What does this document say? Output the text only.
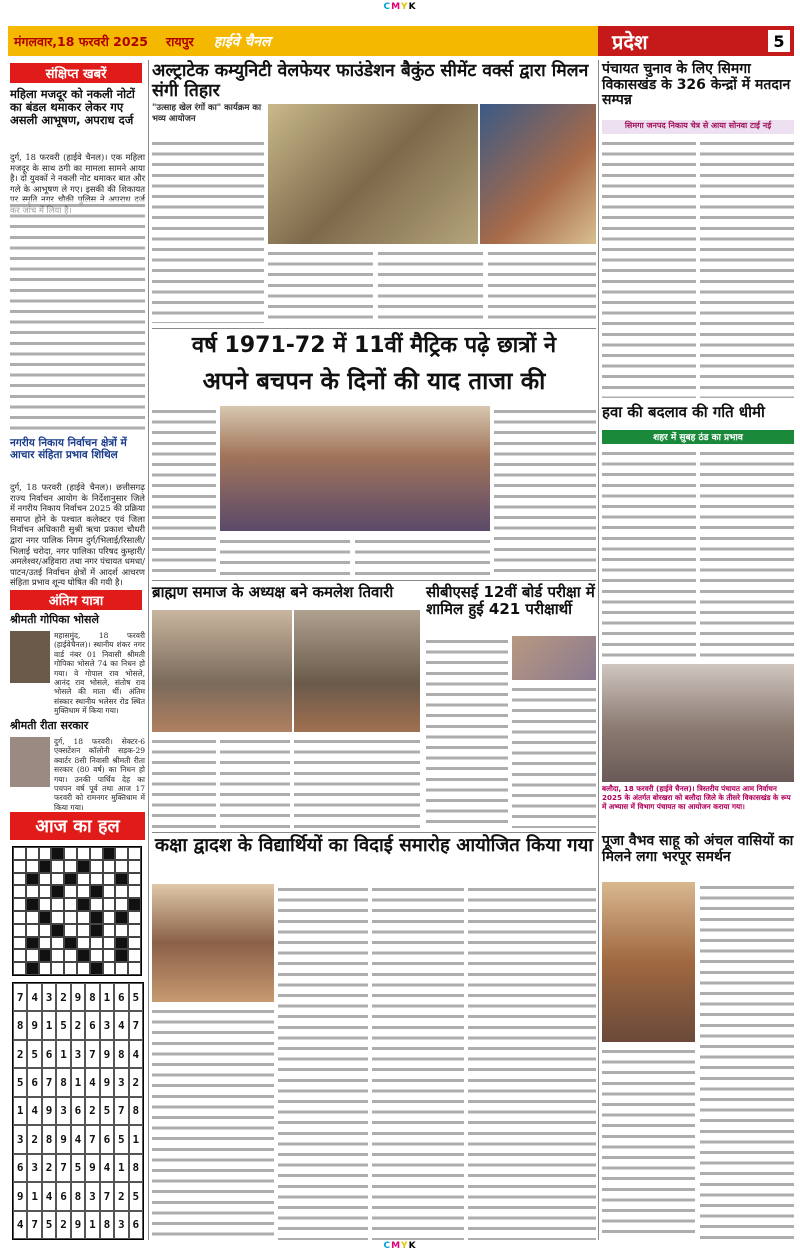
CMYK
मंगलवार,18 फरवरी 2025 रायपुर हाईवे चैनल	प्रदेश	5
संक्षिप्त खबरें
महिला मजदूर को नकली नोटों का बंडल थमाकर लेकर गए असली आभूषण, अपराध दर्ज
दुर्ग, 18 फरवरी (हाईवे चैनल)। एक महिला मजदूर के साथ ठगी का मामला सामने आया है। दो युवकों ने नकली नोट थमाकर बात और गले के आभूषण ले गए। इसकी की शिकायत
नगरीय निकाय निर्वाचन क्षेत्रों में आचार संहिता प्रभाव शिथिल
दुर्ग, 18 फरवरी (हाईवे चैनल)। छत्तीसगढ़ राज्य निर्वाचन आयोग के निर्देशानुसार जिले में नगरीय निकाय निर्वाचन 2025 की प्रक्रिया समाप्त होने के पश्चात कलेक्टर एवं जिला निर्वाचन अधिकारी सुश्री ऋचा प्रकाश चौधरी द्वारा नगर पालिक निगम दुर्ग/भिलाई/रिसाली/भिलाई चरोदा, नगर पालिका परिषद कुम्हारी/अमलेश्वर/अहिवारा तथा नगर पंचायत धमधा/पाटन/उतई निर्वाचन क्षेत्रों में आदर्श आचरण संहिता प्रभाव शून्य घोषित की गयी है।
अंतिम यात्रा
श्रीमती गोपिका भोसले
महासमुंद, 18 फरवरी (हाईवेचैनल)। स्थानीय शंकर नगर वार्ड नंबर 01 निवासी श्रीमती गोपिका भोसले 74 का निधन हो गया। वे गोपाल राव भोसले, आनंद राव भोसले, संतोष राव भोसले की माता थीं। अंतिम संस्कार स्थानीय भलेसर रोड स्थित मुक्तिधाम में किया गया।
श्रीमती रीता सरकार
दुर्ग, 18 फरवरी। सेक्टर-6 एक्सटेंशन कॉलोनी सड़क-29 क्वार्टर 8सी निवासी श्रीमती रीता सरकार (80 वर्ष) का निधन हो गया। उनकी पार्थिव देह का पचपन वर्ष पूर्व तथा आज 17 फरवरी को रामनगर मुक्तिधाम में किया गया।
आज का हल
7 4 3 2 9 8 1 6 5
8 9 1 5 2 6 3 4 7
2 5 6 1 3 7 9 8 4
5 6 7 8 1 4 9 3 2
1 4 9 3 6 2 5 7 8
3 2 8 9 4 7 6 5 1
6 3 2 7 5 9 4 1 8
9 1 4 6 8 3 7 2 5
4 7 5 2 9 1 8 3 6
अल्ट्राटेक कम्युनिटी वेलफेयर फाउंडेशन बैकुंठ सीमेंट वर्क्स द्वारा मिलन संगी तिहार
"उत्साह खेल रंगों का" कार्यक्रम का भव्य आयोजन
वर्ष 1971-72 में 11वीं मैट्रिक पढ़े छात्रों ने
अपने बचपन के दिनों की याद ताजा की
ब्राह्मण समाज के अध्यक्ष बने कमलेश तिवारी	सीबीएसई 12वीं बोर्ड परीक्षा में शामिल हुई 421 परीक्षार्थी
कक्षा द्वादश के विद्यार्थियों का विदाई समारोह आयोजित किया गया
पंचायत चुनाव के लिए सिमगा विकासखंड के 326 केन्द्रों में मतदान सम्पन्न
सिमगा जनपद निकाय चेत्र से आया सोनवा टाई नई
हवा की बदलाव की गति धीमी
शहर में सुबह ठंड का प्रभाव
बलौदा, 18 फरवरी (हाईवे चैनल)। त्रिस्तरीय पंचायत आम निर्वाचन 2025 के अंतर्गत बोरखरा को बलौदा जिले के तीसरे विकासखंड के रूप में अभ्यास में विभाग पंचायत का आयोजन कराया गया।
पूजा वैभव साहू को अंचल वासियों का मिलने लगा भरपूर समर्थन
CMYK
